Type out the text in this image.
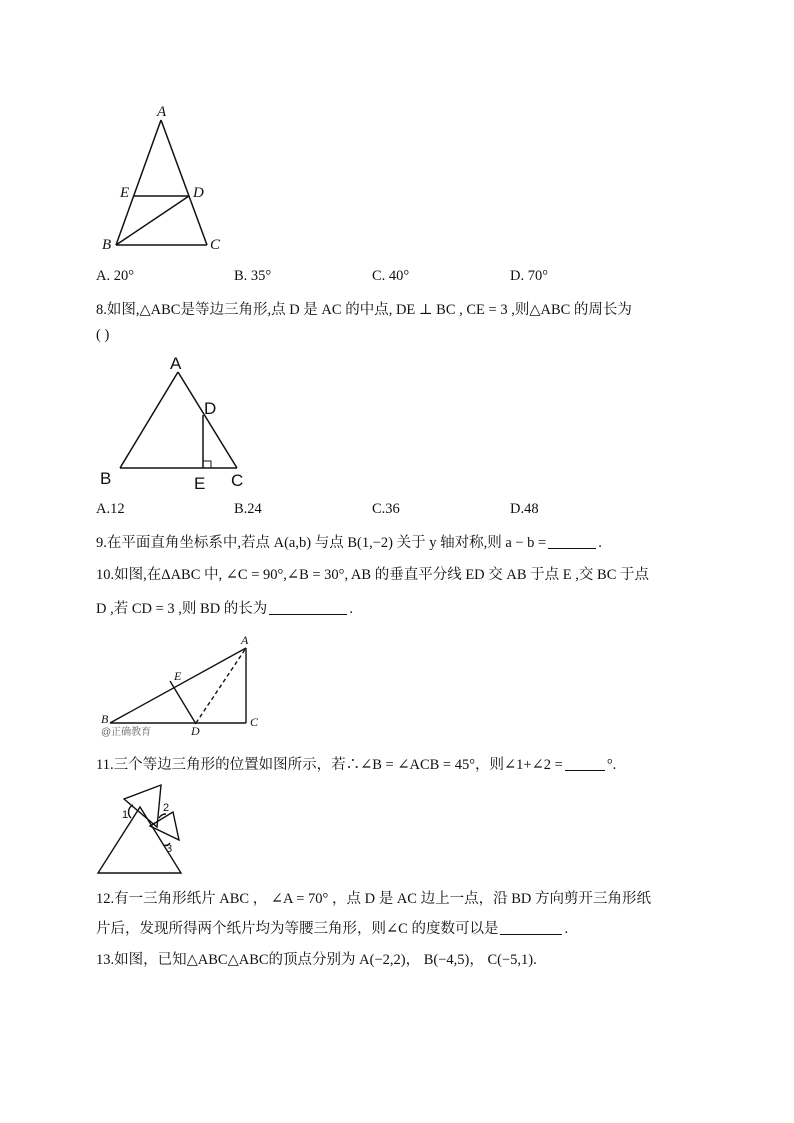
A
E	D
B	C
A. 20°	B. 35°	C. 40°	D. 70°
8.如图,△ABC是等边三角形,点 D 是 AC 的中点, DE ⊥ BC , CE = 3 ,则△ABC 的周长为
( )
A
D
B	E C
A.12	B.24	C.36	D.48
9.在平面直角坐标系中,若点 A(a,b) 与点 B(1,−2) 关于 y 轴对称,则 a − b =	.
10.如图,在ΔABC 中, ∠C = 90°,∠B = 30°, AB 的垂直平分线 ED 交 AB 于点 E ,交 BC 于点
D ,若 CD = 3 ,则 BD 的长为	.
A
E
B	C
D
@正确教育
11.三个等边三角形的位置如图所示，若∴∠B = ∠ACB = 45°，则∠1+∠2 =	°.
1
2
3
12.有一三角形纸片 ABC ， ∠A = 70° ，点 D 是 AC 边上一点，沿 BD 方向剪开三角形纸
片后，发现所得两个纸片均为等腰三角形，则∠C 的度数可以是	.
13.如图，已知△ABC△ABC的顶点分别为 A(−2,2)， B(−4,5)， C(−5,1).
